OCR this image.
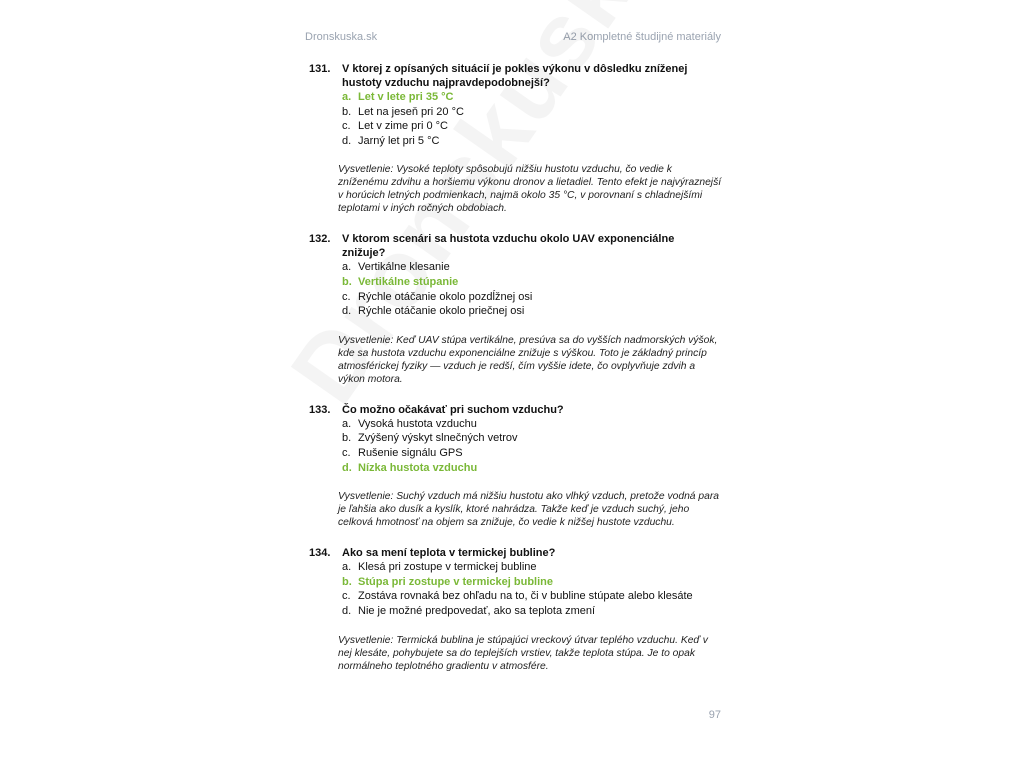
Dronskuska.sk	A2 Kompletné študijné materiály
131.	V ktorej z opísaných situácií je pokles výkonu v dôsledku zníženej hustoty vzduchu najpravdepodobnejší?
a. Let v lete pri 35 °C
b. Let na jeseň pri 20 °C
c. Let v zime pri 0 °C
d. Jarný let pri 5 °C
Vysvetlenie: Vysoké teploty spôsobujú nižšiu hustotu vzduchu, čo vedie k zníženému zdvihu a horšiemu výkonu dronov a lietadiel. Tento efekt je najvýraznejší v horúcich letných podmienkach, najmä okolo 35 °C, v porovnaní s chladnejšími teplotami v iných ročných obdobiach.
132.	V ktorom scenári sa hustota vzduchu okolo UAV exponenciálne znižuje?
a. Vertikálne klesanie
b. Vertikálne stúpanie
c. Rýchle otáčanie okolo pozdĺžnej osi
d. Rýchle otáčanie okolo priečnej osi
Vysvetlenie: Keď UAV stúpa vertikálne, presúva sa do vyšších nadmorských výšok, kde sa hustota vzduchu exponenciálne znižuje s výškou. Toto je základný princíp atmosférickej fyziky — vzduch je redší, čím vyššie idete, čo ovplyvňuje zdvih a výkon motora.
133.	Čo možno očakávať pri suchom vzduchu?
a. Vysoká hustota vzduchu
b. Zvýšený výskyt slnečných vetrov
c. Rušenie signálu GPS
d. Nízka hustota vzduchu
Vysvetlenie: Suchý vzduch má nižšiu hustotu ako vlhký vzduch, pretože vodná para je ľahšia ako dusík a kyslík, ktoré nahrádza. Takže keď je vzduch suchý, jeho celková hmotnosť na objem sa znižuje, čo vedie k nižšej hustote vzduchu.
134.	Ako sa mení teplota v termickej bubline?
a. Klesá pri zostupe v termickej bubline
b. Stúpa pri zostupe v termickej bubline
c. Zostáva rovnaká bez ohľadu na to, či v bubline stúpate alebo klesáte
d. Nie je možné predpovedať, ako sa teplota zmení
Vysvetlenie: Termická bublina je stúpajúci vreckový útvar teplého vzduchu. Keď v nej klesáte, pohybujete sa do teplejších vrstiev, takže teplota stúpa. Je to opak normálneho teplotného gradientu v atmosfére.
97
